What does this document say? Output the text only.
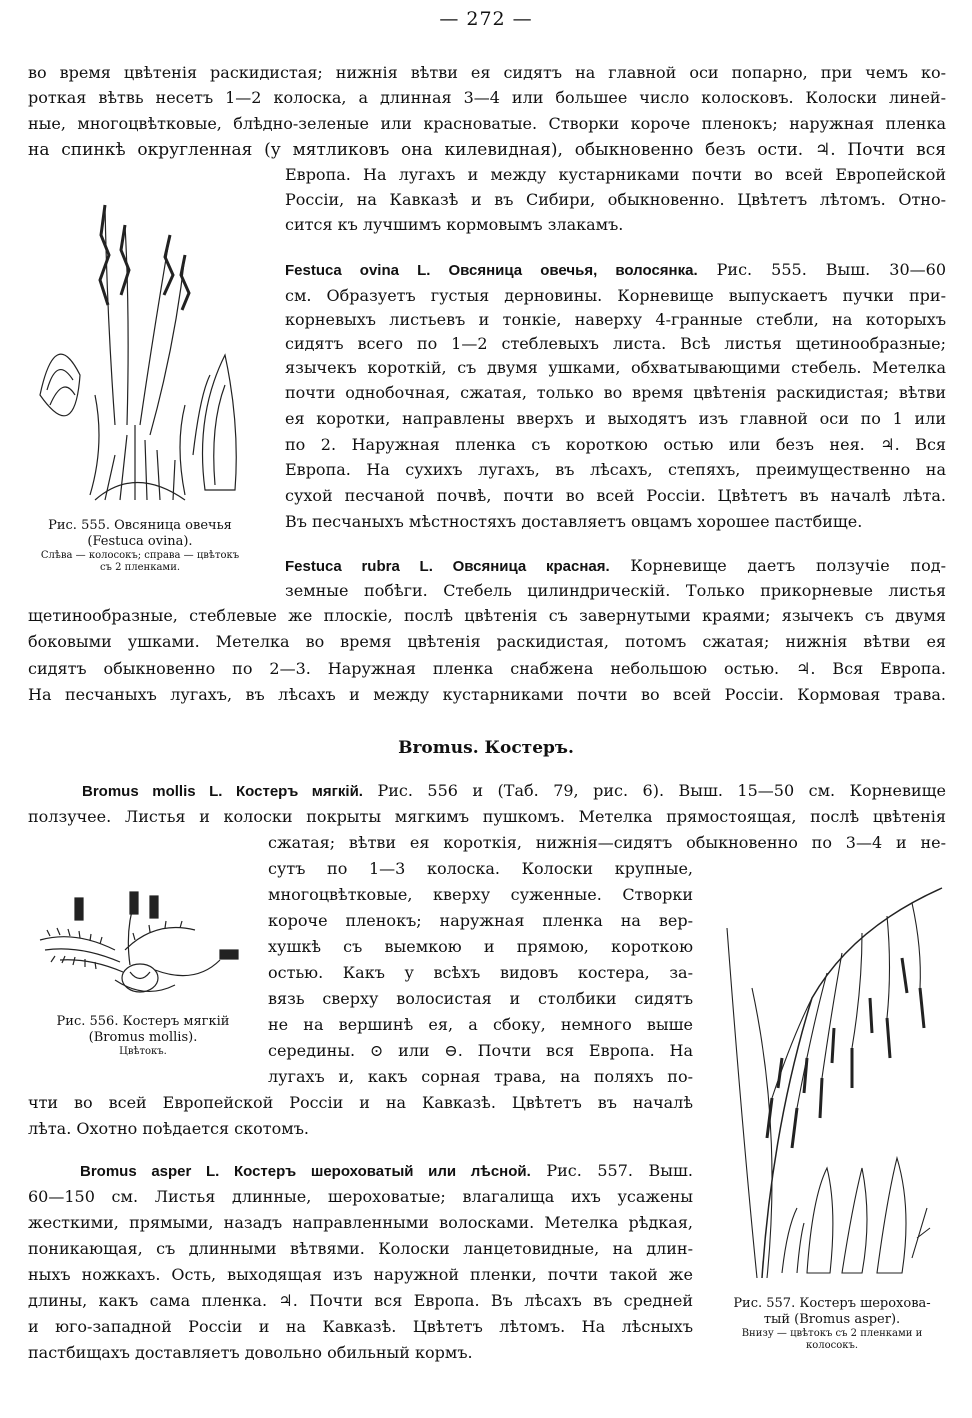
— 272 —
во время цвѣтенія раскидистая; нижнія вѣтви ея сидятъ на главной оси попарно, при чемъ ко-
роткая вѣтвь несетъ 1—2 колоска, а длинная 3—4 или большее число колосковъ. Колоски линей-
ные, многоцвѣтковые, блѣдно-зеленые или красноватые. Створки короче пленокъ; наружная пленка
на спинкѣ округленная (у мятликовъ она килевидная), обыкновенно безъ ости. ♃. Почти вся
Европа. На лугахъ и между кустарниками почти во всей Европейской
Россіи, на Кавказѣ и въ Сибири, обыкновенно. Цвѣтетъ лѣтомъ. Отно-
сится къ лучшимъ кормовымъ злакамъ.
Festuca ovina L. Овсяница овечья, волосянка. Рис. 555. Выш. 30—60
см. Образуетъ густыя дерновины. Корневище выпускаетъ пучки при-
корневыхъ листьевъ и тонкіе, наверху 4-гранные стебли, на которыхъ
сидятъ всего по 1—2 стеблевыхъ листа. Всѣ листья щетинообразные;
язычекъ короткій, съ двумя ушками, обхватывающими стебель. Метелка
почти однобочная, сжатая, только во время цвѣтенія раскидистая; вѣтви
ея коротки, направлены вверхъ и выходятъ изъ главной оси по 1 или
по 2. Наружная пленка съ короткою остью или безъ нея. ♃. Вся
Европа. На сухихъ лугахъ, въ лѣсахъ, степяхъ, преимущественно на
сухой песчаной почвѣ, почти во всей Россіи. Цвѣтетъ въ началѣ лѣта.
Въ песчаныхъ мѣстностяхъ доставляетъ овцамъ хорошее пастбище.
Рис. 555. Овсяница овечья
(Festuca ovina).
Слѣва — колосокъ; справа — цвѣтокъ
съ 2 пленками.	Festuca rubra L. Овсяница красная. Корневище даетъ ползучіе под-
земные побѣги. Стебель цилиндрическій. Только прикорневые листья
щетинообразные, стеблевые же плоскіе, послѣ цвѣтенія съ завернутыми краями; язычекъ съ двумя
боковыми ушками. Метелка во время цвѣтенія раскидистая, потомъ сжатая; нижнія вѣтви ея
сидятъ обыкновенно по 2—3. Наружная пленка снабжена небольшою остью. ♃. Вся Европа.
На песчаныхъ лугахъ, въ лѣсахъ и между кустарниками почти во всей Россіи. Кормовая трава.
Bromus. Костеръ.
Bromus mollis L. Костеръ мягкій. Рис. 556 и (Таб. 79, рис. 6). Выш. 15—50 см. Корневище
ползучее. Листья и колоски покрыты мягкимъ пушкомъ. Метелка прямостоящая, послѣ цвѣтенія
сжатая; вѣтви ея короткія, нижнія—сидятъ обыкновенно по 3—4 и не-
сутъ по 1—3 колоска. Колоски крупные,
многоцвѣтковые, кверху суженные. Створки
короче пленокъ; наружная пленка на вер-
хушкѣ съ выемкою и прямою, короткою
остью. Какъ у всѣхъ видовъ костера, за-
вязь сверху волосистая и столбики сидятъ
не на вершинѣ ея, а сбоку, немного выше
середины. ⊙ или ⊖. Почти вся Европа. На
лугахъ и, какъ сорная трава, на поляхъ по-
чти во всей Европейской Россіи и на Кавказѣ. Цвѣтетъ въ началѣ
лѣта. Охотно поѣдается скотомъ.
Рис. 556. Костеръ мягкій
(Bromus mollis).
Цвѣтокъ.
Bromus asper L. Костеръ шероховатый или лѣсной. Рис. 557. Выш.
60—150 см. Листья длинные, шероховатые; влагалища ихъ усажены
жесткими, прямыми, назадъ направленными волосками. Метелка рѣдкая,
поникающая, съ длинными вѣтвями. Колоски ланцетовидные, на длин-
ныхъ ножкахъ. Ость, выходящая изъ наружной пленки, почти такой же
длины, какъ сама пленка. ♃. Почти вся Европа. Въ лѣсахъ въ средней
и юго-западной Россіи и на Кавказѣ. Цвѣтетъ лѣтомъ. На лѣсныхъ
пастбищахъ доставляетъ довольно обильный кормъ.
Рис. 557. Костеръ шероховa-
тый (Bromus asper).
Внизу — цвѣтокъ съ 2 пленками и
колосокъ.
